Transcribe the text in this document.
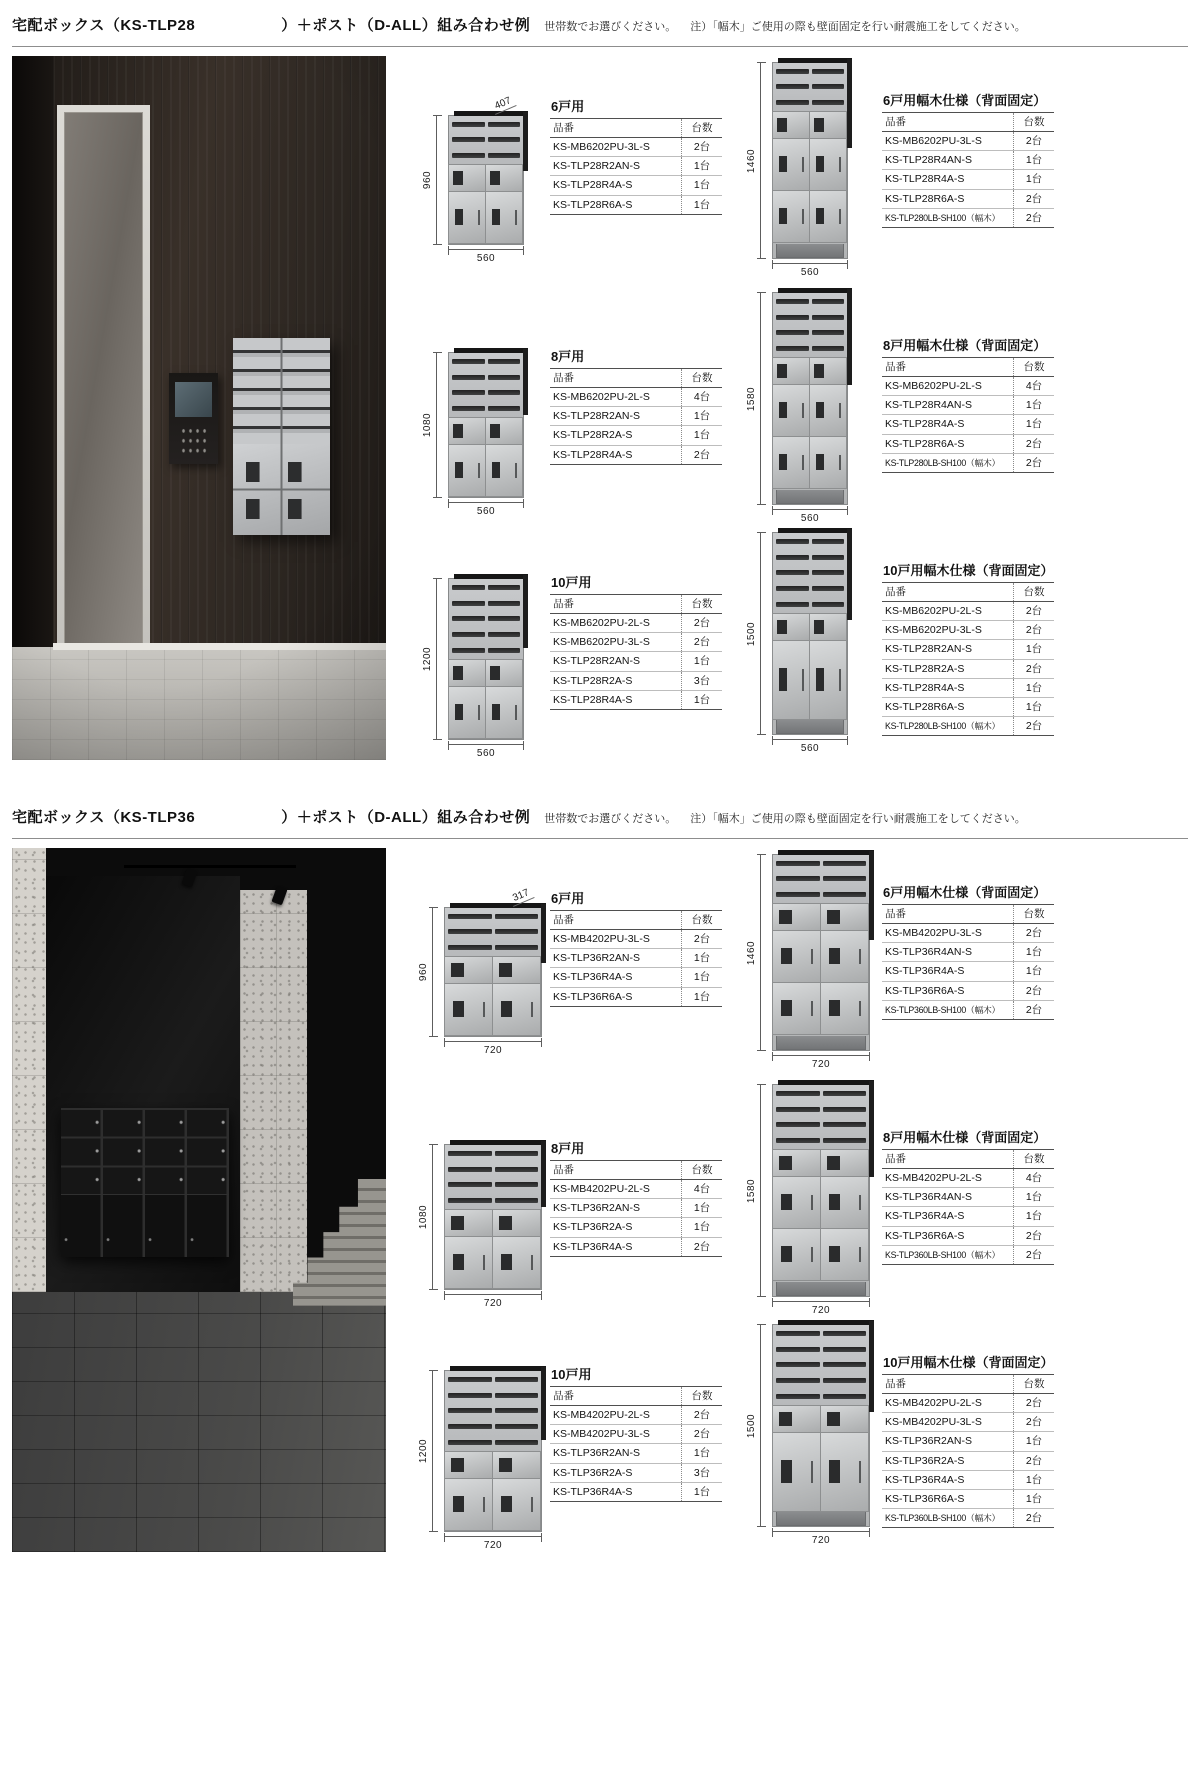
宅配ボックス（KS-TLP28	）＋ポスト（D-ALL）組み合わせ例 世帯数でお選びください。 注）「幅木」ご使用の際も壁面固定を行い耐震施工をしてください。
960
560
407	6戸用
品番	台数
KS-MB6202PU-3L-S	2台
KS-TLP28R2AN-S	1台
KS-TLP28R4A-S	1台
KS-TLP28R6A-S	1台
1080
560
8戸用
品番	台数
KS-MB6202PU-2L-S	4台
KS-TLP28R2AN-S	1台
KS-TLP28R2A-S	1台
KS-TLP28R4A-S	2台
1200
560
10戸用
品番	台数
KS-MB6202PU-2L-S	2台
KS-MB6202PU-3L-S	2台
KS-TLP28R2AN-S	1台
KS-TLP28R2A-S	3台
KS-TLP28R4A-S	1台
1460
560
6戸用幅木仕様（背面固定）
品番	台数
KS-MB6202PU-3L-S	2台
KS-TLP28R4AN-S	1台
KS-TLP28R4A-S	1台
KS-TLP28R6A-S	2台
KS-TLP280LB-SH100（幅木）	2台
1580
560
8戸用幅木仕様（背面固定）
品番	台数
KS-MB6202PU-2L-S	4台
KS-TLP28R4AN-S	1台
KS-TLP28R4A-S	1台
KS-TLP28R6A-S	2台
KS-TLP280LB-SH100（幅木）	2台
1500
560
10戸用幅木仕様（背面固定）
品番	台数
KS-MB6202PU-2L-S	2台
KS-MB6202PU-3L-S	2台
KS-TLP28R2AN-S	1台
KS-TLP28R2A-S	2台
KS-TLP28R4A-S	1台
KS-TLP28R6A-S	1台
KS-TLP280LB-SH100（幅木）	2台
宅配ボックス（KS-TLP36	）＋ポスト（D-ALL）組み合わせ例 世帯数でお選びください。 注）「幅木」ご使用の際も壁面固定を行い耐震施工をしてください。
960
720
317 6戸用
品番	台数
KS-MB4202PU-3L-S	2台
KS-TLP36R2AN-S	1台
KS-TLP36R4A-S	1台
KS-TLP36R6A-S	1台
1080
720
8戸用
品番	台数
KS-MB4202PU-2L-S	4台
KS-TLP36R2AN-S	1台
KS-TLP36R2A-S	1台
KS-TLP36R4A-S	2台
1200
720
10戸用
品番	台数
KS-MB4202PU-2L-S	2台
KS-MB4202PU-3L-S	2台
KS-TLP36R2AN-S	1台
KS-TLP36R2A-S	3台
KS-TLP36R4A-S	1台
1460
720
6戸用幅木仕様（背面固定）
品番	台数
KS-MB4202PU-3L-S	2台
KS-TLP36R4AN-S	1台
KS-TLP36R4A-S	1台
KS-TLP36R6A-S	2台
KS-TLP360LB-SH100（幅木）	2台
1580
720
8戸用幅木仕様（背面固定）
品番	台数
KS-MB4202PU-2L-S	4台
KS-TLP36R4AN-S	1台
KS-TLP36R4A-S	1台
KS-TLP36R6A-S	2台
KS-TLP360LB-SH100（幅木）	2台
1500
720
10戸用幅木仕様（背面固定）
品番	台数
KS-MB4202PU-2L-S	2台
KS-MB4202PU-3L-S	2台
KS-TLP36R2AN-S	1台
KS-TLP36R2A-S	2台
KS-TLP36R4A-S	1台
KS-TLP36R6A-S	1台
KS-TLP360LB-SH100（幅木）	2台
